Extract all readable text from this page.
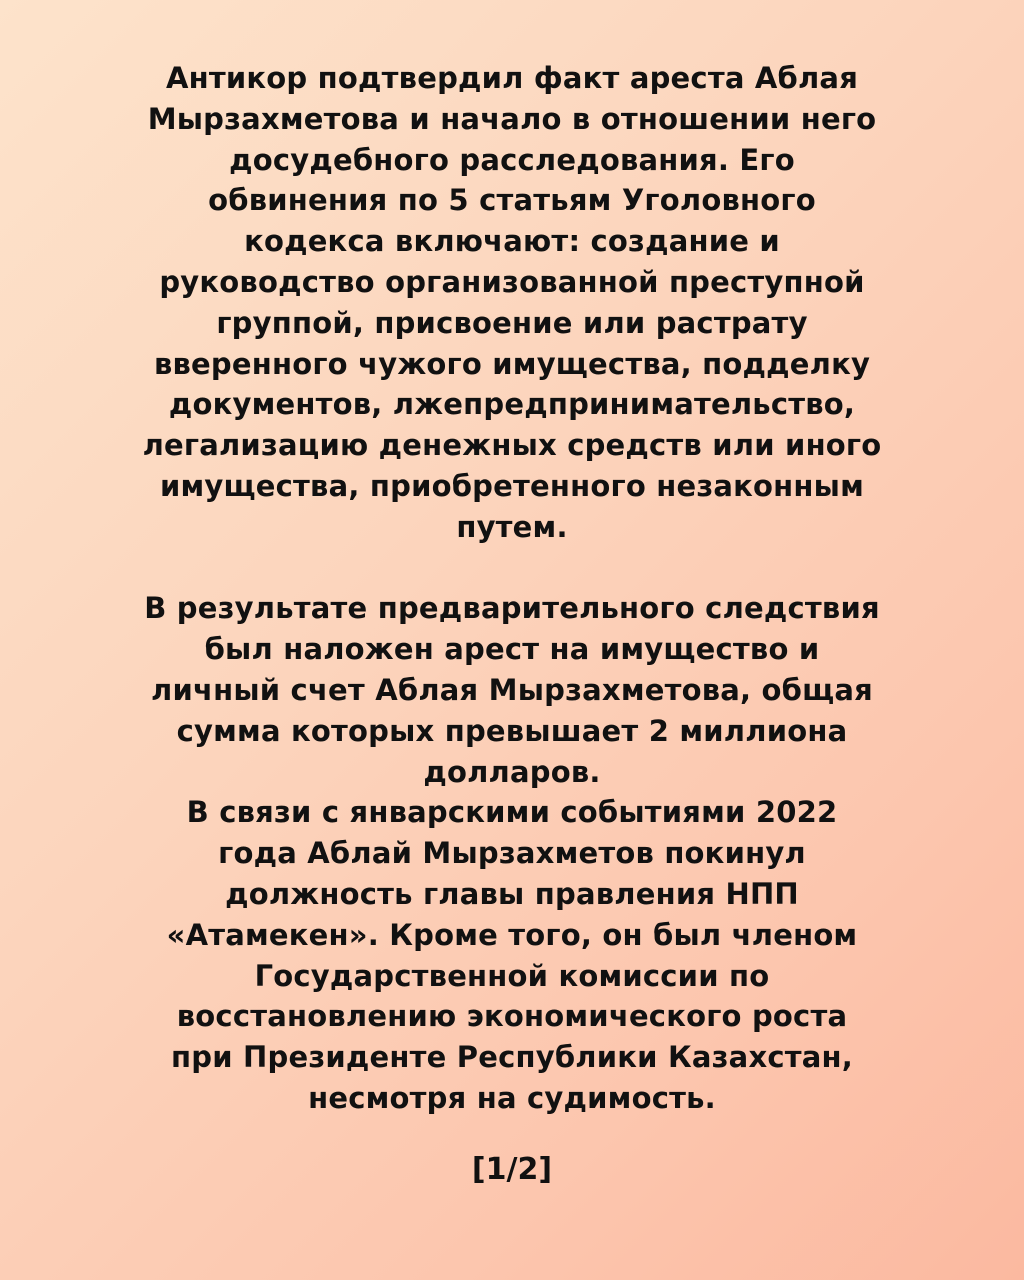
Антикор подтвердил факт ареста Аблая
Мырзахметова и начало в отношении него
досудебного расследования. Его
обвинения по 5 статьям Уголовного
кодекса включают: создание и
руководство организованной преступной
группой, присвоение или растрату
вверенного чужого имущества, подделку
документов, лжепредпринимательство,
легализацию денежных средств или иного
имущества, приобретенного незаконным
путем.
В результате предварительного следствия
был наложен арест на имущество и
личный счет Аблая Мырзахметова, общая
сумма которых превышает 2 миллиона
долларов.
В связи с январскими событиями 2022
года Аблай Мырзахметов покинул
должность главы правления НПП
«Атамекен». Кроме того, он был членом
Государственной комиссии по
восстановлению экономического роста
при Президенте Республики Казахстан,
несмотря на судимость.
[1/2]
